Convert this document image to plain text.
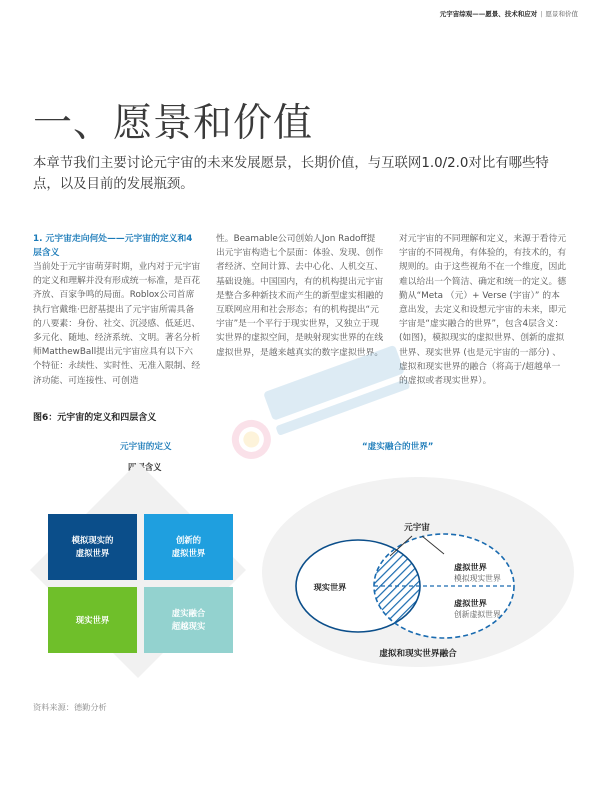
元宇宙综观——愿景、技术和应对 | 愿景和价值
一、愿景和价值

本章节我们主要讨论元宇宙的未来发展愿景，长期价值，与互联网1.0/2.0对比有哪些特点，以及目前的发展瓶颈。

1. 元宇宙走向何处——元宇宙的定义和4层含义
当前处于元宇宙萌芽时期，业内对于元宇宙的定义和理解并没有形成统一标准，是百花齐放、百家争鸣的局面。Roblox公司首席执行官戴维·巴舒基提出了元宇宙所需具备的八要素：身份、社交、沉浸感、低延迟、多元化、随地、经济系统、文明。著名分析师MatthewBall提出元宇宙应具有以下六个特征：永续性、实时性、无准入限制、经济功能、可连接性、可创造
性。Beamable公司创始人Jon Radoff提出元宇宙构造七个层面：体验、发现、创作者经济、空间计算、去中心化、人机交互、基础设施。中国国内，有的机构提出元宇宙是整合多种新技术而产生的新型虚实相融的互联网应用和社会形态；有的机构提出“元宇宙”是一个平行于现实世界，又独立于现实世界的虚拟空间，是映射现实世界的在线虚拟世界，是越来越真实的数字虚拟世界。
对元宇宙的不同理解和定义，来源于看待元宇宙的不同视角，有体验的，有技术的，有规则的。由于这些视角不在一个维度，因此难以给出一个简洁、确定和统一的定义。德勤从“Meta （元）+ Verse (宇宙）” 的本意出发，去定义和设想元宇宙的未来，即元宇宙是“虚实融合的世界”，包含4层含义：(如图)，模拟现实的虚拟世界、创新的虚拟世界、现实世界 (也是元宇宙的一部分) 、虚拟和现实世界的融合（将高于/超越单一的虚拟或者现实世界）。
图6：元宇宙的定义和四层含义
元宇宙的定义
四层含义
“虚实融合的世界”
模拟现实的
虚拟世界
创新的
虚拟世界
现实世界
虚实融合
超越现实
元宇宙
现实世界
虚拟世界
模拟现实世界
虚拟世界
创新虚拟世界
虚拟和现实世界融合
资料来源：德勤分析
